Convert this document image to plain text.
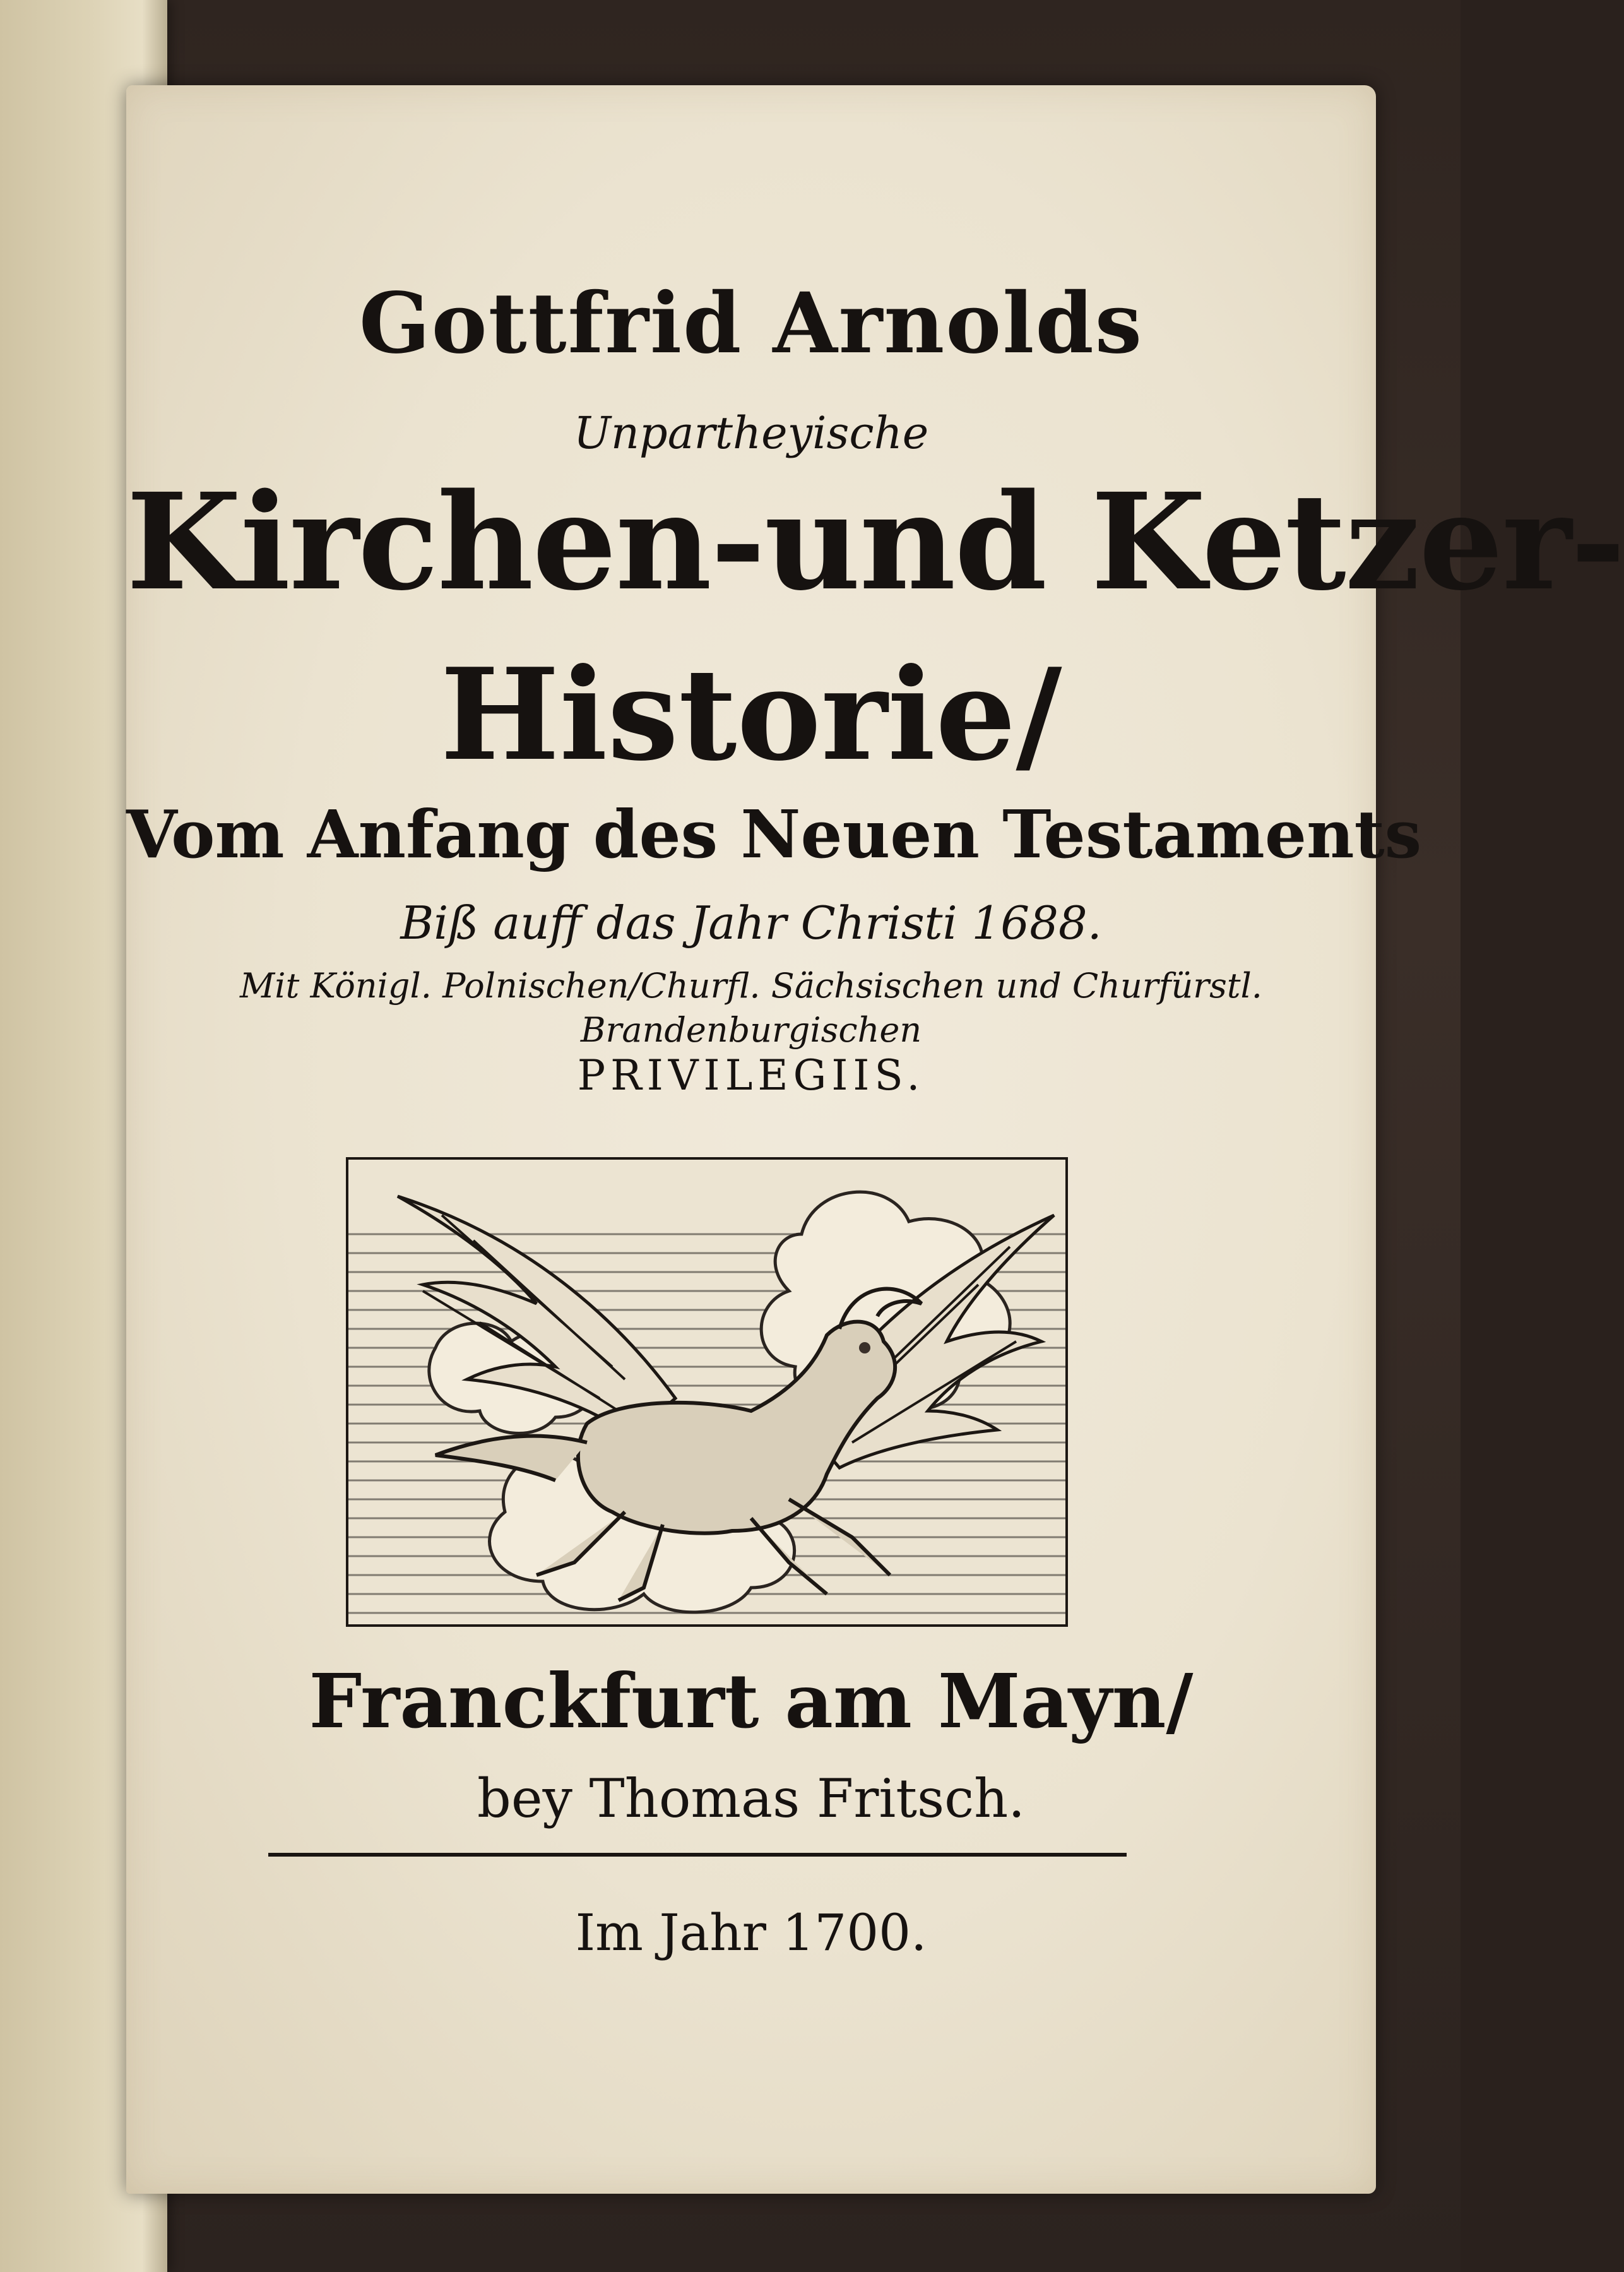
Gottfrid Arnolds
Unpartheyische
Kirchen-und Ketzer-
Historie/
Vom Anfang des Neuen Testaments
Biß auff das Jahr Christi 1688.
Mit Königl. Polnischen/Churfl. Sächsischen und Churfürstl.
Brandenburgischen
PRIVILEGIIS.
Franckfurt am Mayn/
bey Thomas Fritsch.
Im Jahr 1700.
